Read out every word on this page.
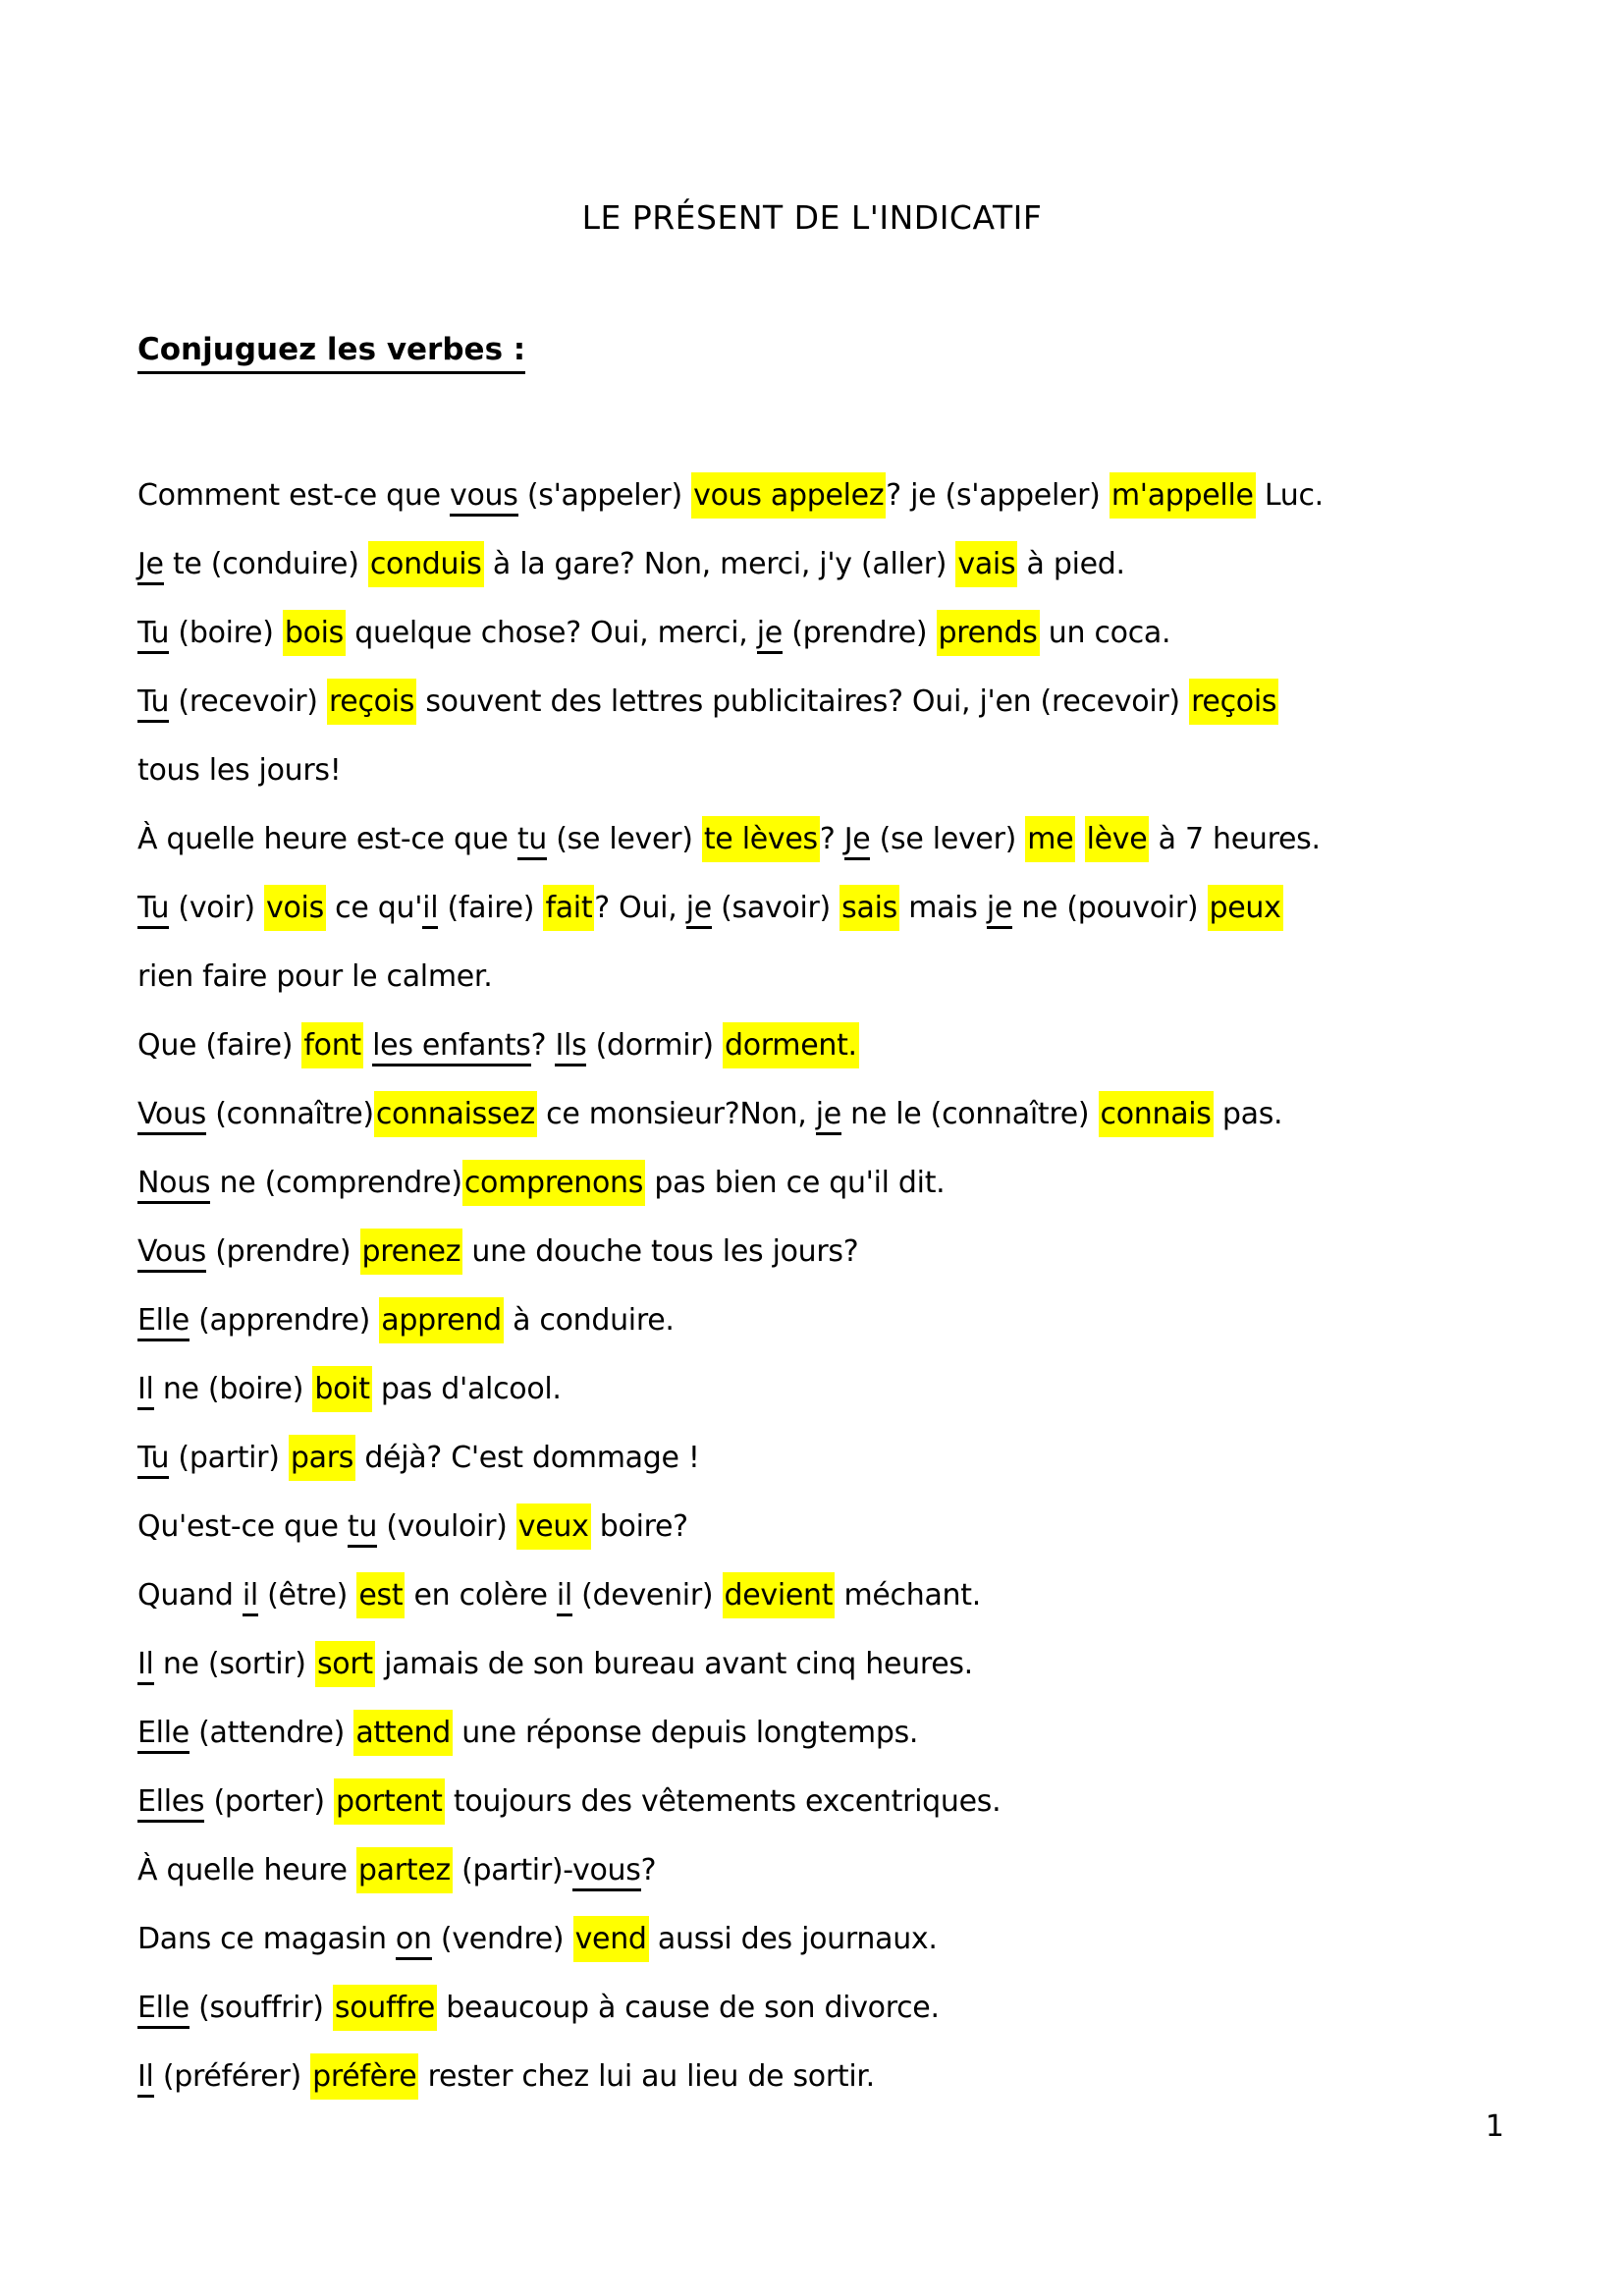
LE PRÉSENT DE L'INDICATIF
Conjuguez les verbes :
Comment est-ce que vous (s'appeler) vous appelez? je (s'appeler) m'appelle Luc.
Je te (conduire) conduis à la gare? Non, merci, j'y (aller) vais à pied.
Tu (boire) bois quelque chose? Oui, merci, je (prendre) prends un coca.
Tu (recevoir) reçois souvent des lettres publicitaires? Oui, j'en (recevoir) reçois
tous les jours!
À quelle heure est-ce que tu (se lever) te lèves? Je (se lever) me lève à 7 heures.
Tu (voir) vois ce qu'il (faire) fait? Oui, je (savoir) sais mais je ne (pouvoir) peux
rien faire pour le calmer.
Que (faire) font les enfants? Ils (dormir) dorment.
Vous (connaître)connaissez ce monsieur?Non, je ne le (connaître) connais pas.
Nous ne (comprendre)comprenons pas bien ce qu'il dit.
Vous (prendre) prenez une douche tous les jours?
Elle (apprendre) apprend à conduire.
Il ne (boire) boit pas d'alcool.
Tu (partir) pars déjà? C'est dommage !
Qu'est-ce que tu (vouloir) veux boire?
Quand il (être) est en colère il (devenir) devient méchant.
Il ne (sortir) sort jamais de son bureau avant cinq heures.
Elle (attendre) attend une réponse depuis longtemps.
Elles (porter) portent toujours des vêtements excentriques.
À quelle heure partez (partir)-vous?
Dans ce magasin on (vendre) vend aussi des journaux.
Elle (souffrir) souffre beaucoup à cause de son divorce.
Il (préférer) préfère rester chez lui au lieu de sortir.
1
